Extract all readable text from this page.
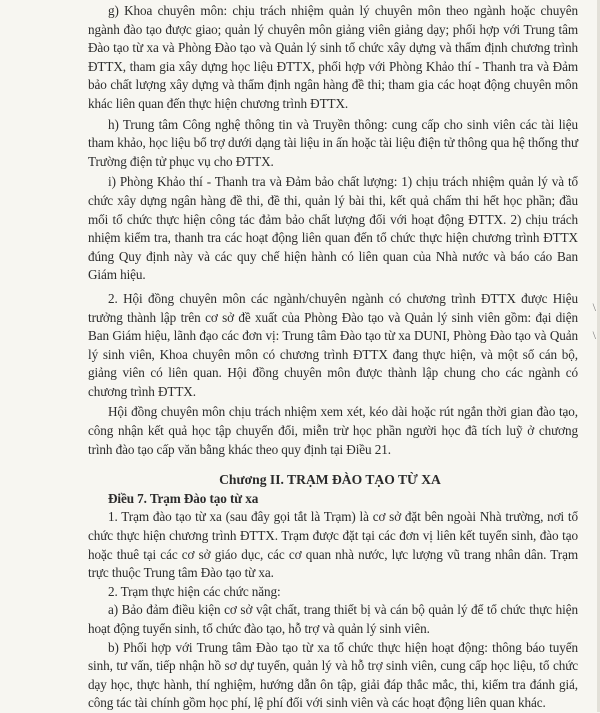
g) Khoa chuyên môn: chịu trách nhiệm quản lý chuyên môn theo ngành hoặc chuyên ngành đào tạo được giao; quản lý chuyên môn giảng viên giảng dạy; phối hợp với Trung tâm Đào tạo từ xa và Phòng Đào tạo và Quản lý sinh tổ chức xây dựng và thẩm định chương trình ĐTTX, tham gia xây dựng học liệu ĐTTX, phối hợp với Phòng Khảo thí - Thanh tra và Đảm bảo chất lượng xây dựng và thẩm định ngân hàng đề thi; tham gia các hoạt động chuyên môn khác liên quan đến thực hiện chương trình ĐTTX.

h) Trung tâm Công nghệ thông tin và Truyền thông: cung cấp cho sinh viên các tài liệu tham khảo, học liệu bổ trợ dưới dạng tài liệu in ấn hoặc tài liệu điện tử thông qua hệ thống thư Trường điện tử phục vụ cho ĐTTX.

i) Phòng Khảo thí - Thanh tra và Đảm bảo chất lượng: 1) chịu trách nhiệm quản lý và tổ chức xây dựng ngân hàng đề thi, đề thi, quản lý bài thi, kết quả chấm thi hết học phần; đầu mối tổ chức thực hiện công tác đảm bảo chất lượng đối với hoạt động ĐTTX. 2) chịu trách nhiệm kiểm tra, thanh tra các hoạt động liên quan đến tổ chức thực hiện chương trình ĐTTX đúng Quy định này và các quy chế hiện hành có liên quan của Nhà nước và báo cáo Ban Giám hiệu.

2. Hội đồng chuyên môn các ngành/chuyên ngành có chương trình ĐTTX được Hiệu trưởng thành lập trên cơ sở đề xuất của Phòng Đào tạo và Quản lý sinh viên gồm: đại diện Ban Giám hiệu, lãnh đạo các đơn vị: Trung tâm Đào tạo từ xa DUNI, Phòng Đào tạo và Quản lý sinh viên, Khoa chuyên môn có chương trình ĐTTX đang thực hiện, và một số cán bộ, giảng viên có liên quan. Hội đồng chuyên môn được thành lập chung cho các ngành có chương trình ĐTTX.

Hội đồng chuyên môn chịu trách nhiệm xem xét, kéo dài hoặc rút ngắn thời gian đào tạo, công nhận kết quả học tập chuyển đổi, miễn trừ học phần người học đã tích luỹ ở chương trình đào tạo cấp văn bằng khác theo quy định tại Điều 21.

Chương II. TRẠM ĐÀO TẠO TỪ XA

Điều 7. Trạm Đào tạo từ xa

1. Trạm đào tạo từ xa (sau đây gọi tắt là Trạm) là cơ sở đặt bên ngoài Nhà trường, nơi tổ chức thực hiện chương trình ĐTTX. Trạm được đặt tại các đơn vị liên kết tuyển sinh, đào tạo hoặc thuê tại các cơ sở giáo dục, các cơ quan nhà nước, lực lượng vũ trang nhân dân. Trạm trực thuộc Trung tâm Đào tạo từ xa.

2. Trạm thực hiện các chức năng:

a) Bảo đảm điều kiện cơ sở vật chất, trang thiết bị và cán bộ quản lý để tổ chức thực hiện hoạt động tuyển sinh, tổ chức đào tạo, hỗ trợ và quản lý sinh viên.

b) Phối hợp với Trung tâm Đào tạo từ xa tổ chức thực hiện hoạt động: thông báo tuyển sinh, tư vấn, tiếp nhận hồ sơ dự tuyển, quản lý và hỗ trợ sinh viên, cung cấp học liệu, tổ chức dạy học, thực hành, thí nghiệm, hướng dẫn ôn tập, giải đáp thắc mắc, thi, kiểm tra đánh giá, công tác tài chính gồm học phí, lệ phí đối với sinh viên và các hoạt động liên quan khác.

\
\
